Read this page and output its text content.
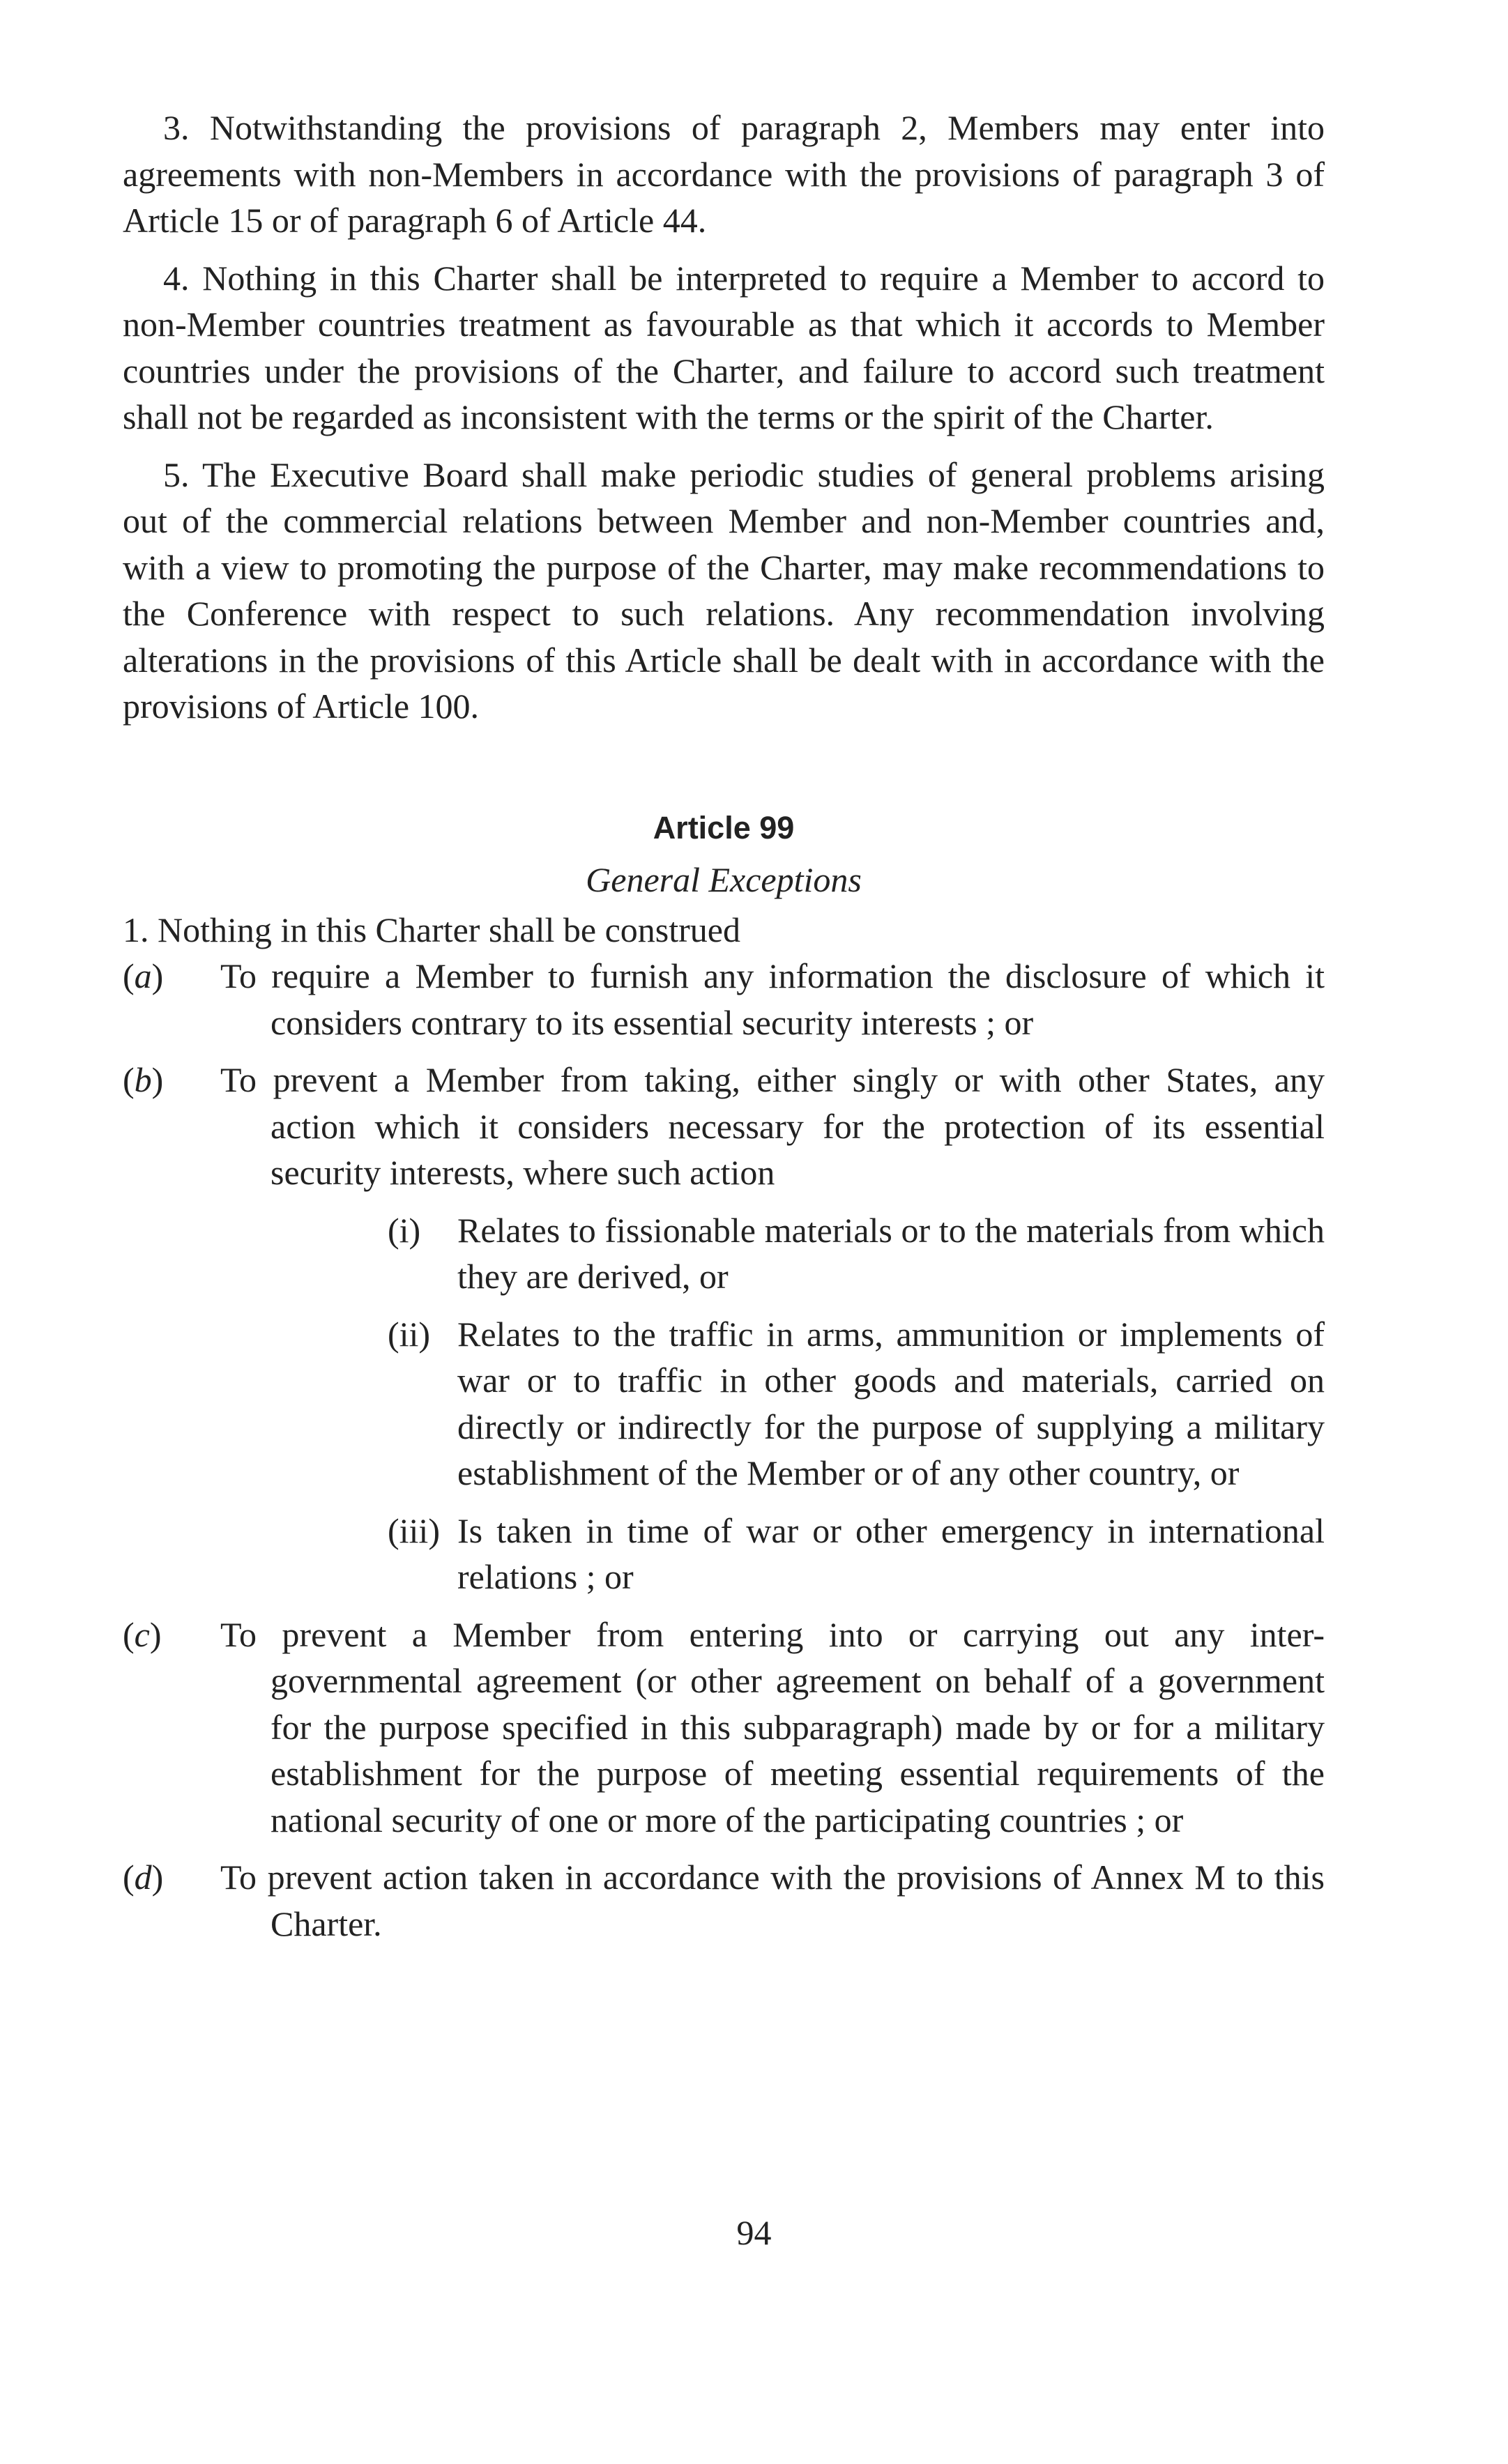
3. Notwithstanding the provisions of paragraph 2, Members may enter into agreements with non-Members in accordance with the provisions of paragraph 3 of Article 15 or of paragraph 6 of Article 44.

4. Nothing in this Charter shall be interpreted to require a Member to accord to non-Member countries treatment as favourable as that which it accords to Member countries under the provisions of the Charter, and failure to accord such treatment shall not be regarded as inconsistent with the terms or the spirit of the Charter.

5. The Executive Board shall make periodic studies of general problems arising out of the commercial relations between Member and non-Member countries and, with a view to promoting the purpose of the Charter, may make recommendations to the Conference with respect to such relations. Any recommendation involving alterations in the provisions of this Article shall be dealt with in accordance with the provisions of Article 100.

Article 99
General Exceptions

1. Nothing in this Charter shall be construed

(a) To require a Member to furnish any information the disclosure of which it considers contrary to its essential security interests ; or

(b) To prevent a Member from taking, either singly or with other States, any action which it considers necessary for the protection of its essential security interests, where such action

(i) Relates to fissionable materials or to the materials from which they are derived, or

(ii) Relates to the traffic in arms, ammunition or implements of war or to traffic in other goods and materials, carried on directly or indirectly for the purpose of supplying a military establishment of the Member or of any other country, or

(iii) Is taken in time of war or other emergency in international relations ; or

(c) To prevent a Member from entering into or carrying out any inter-governmental agreement (or other agreement on behalf of a government for the purpose specified in this subparagraph) made by or for a military establishment for the purpose of meeting essential requirements of the national security of one or more of the participating countries ; or

(d) To prevent action taken in accordance with the provisions of Annex M to this Charter.

94
